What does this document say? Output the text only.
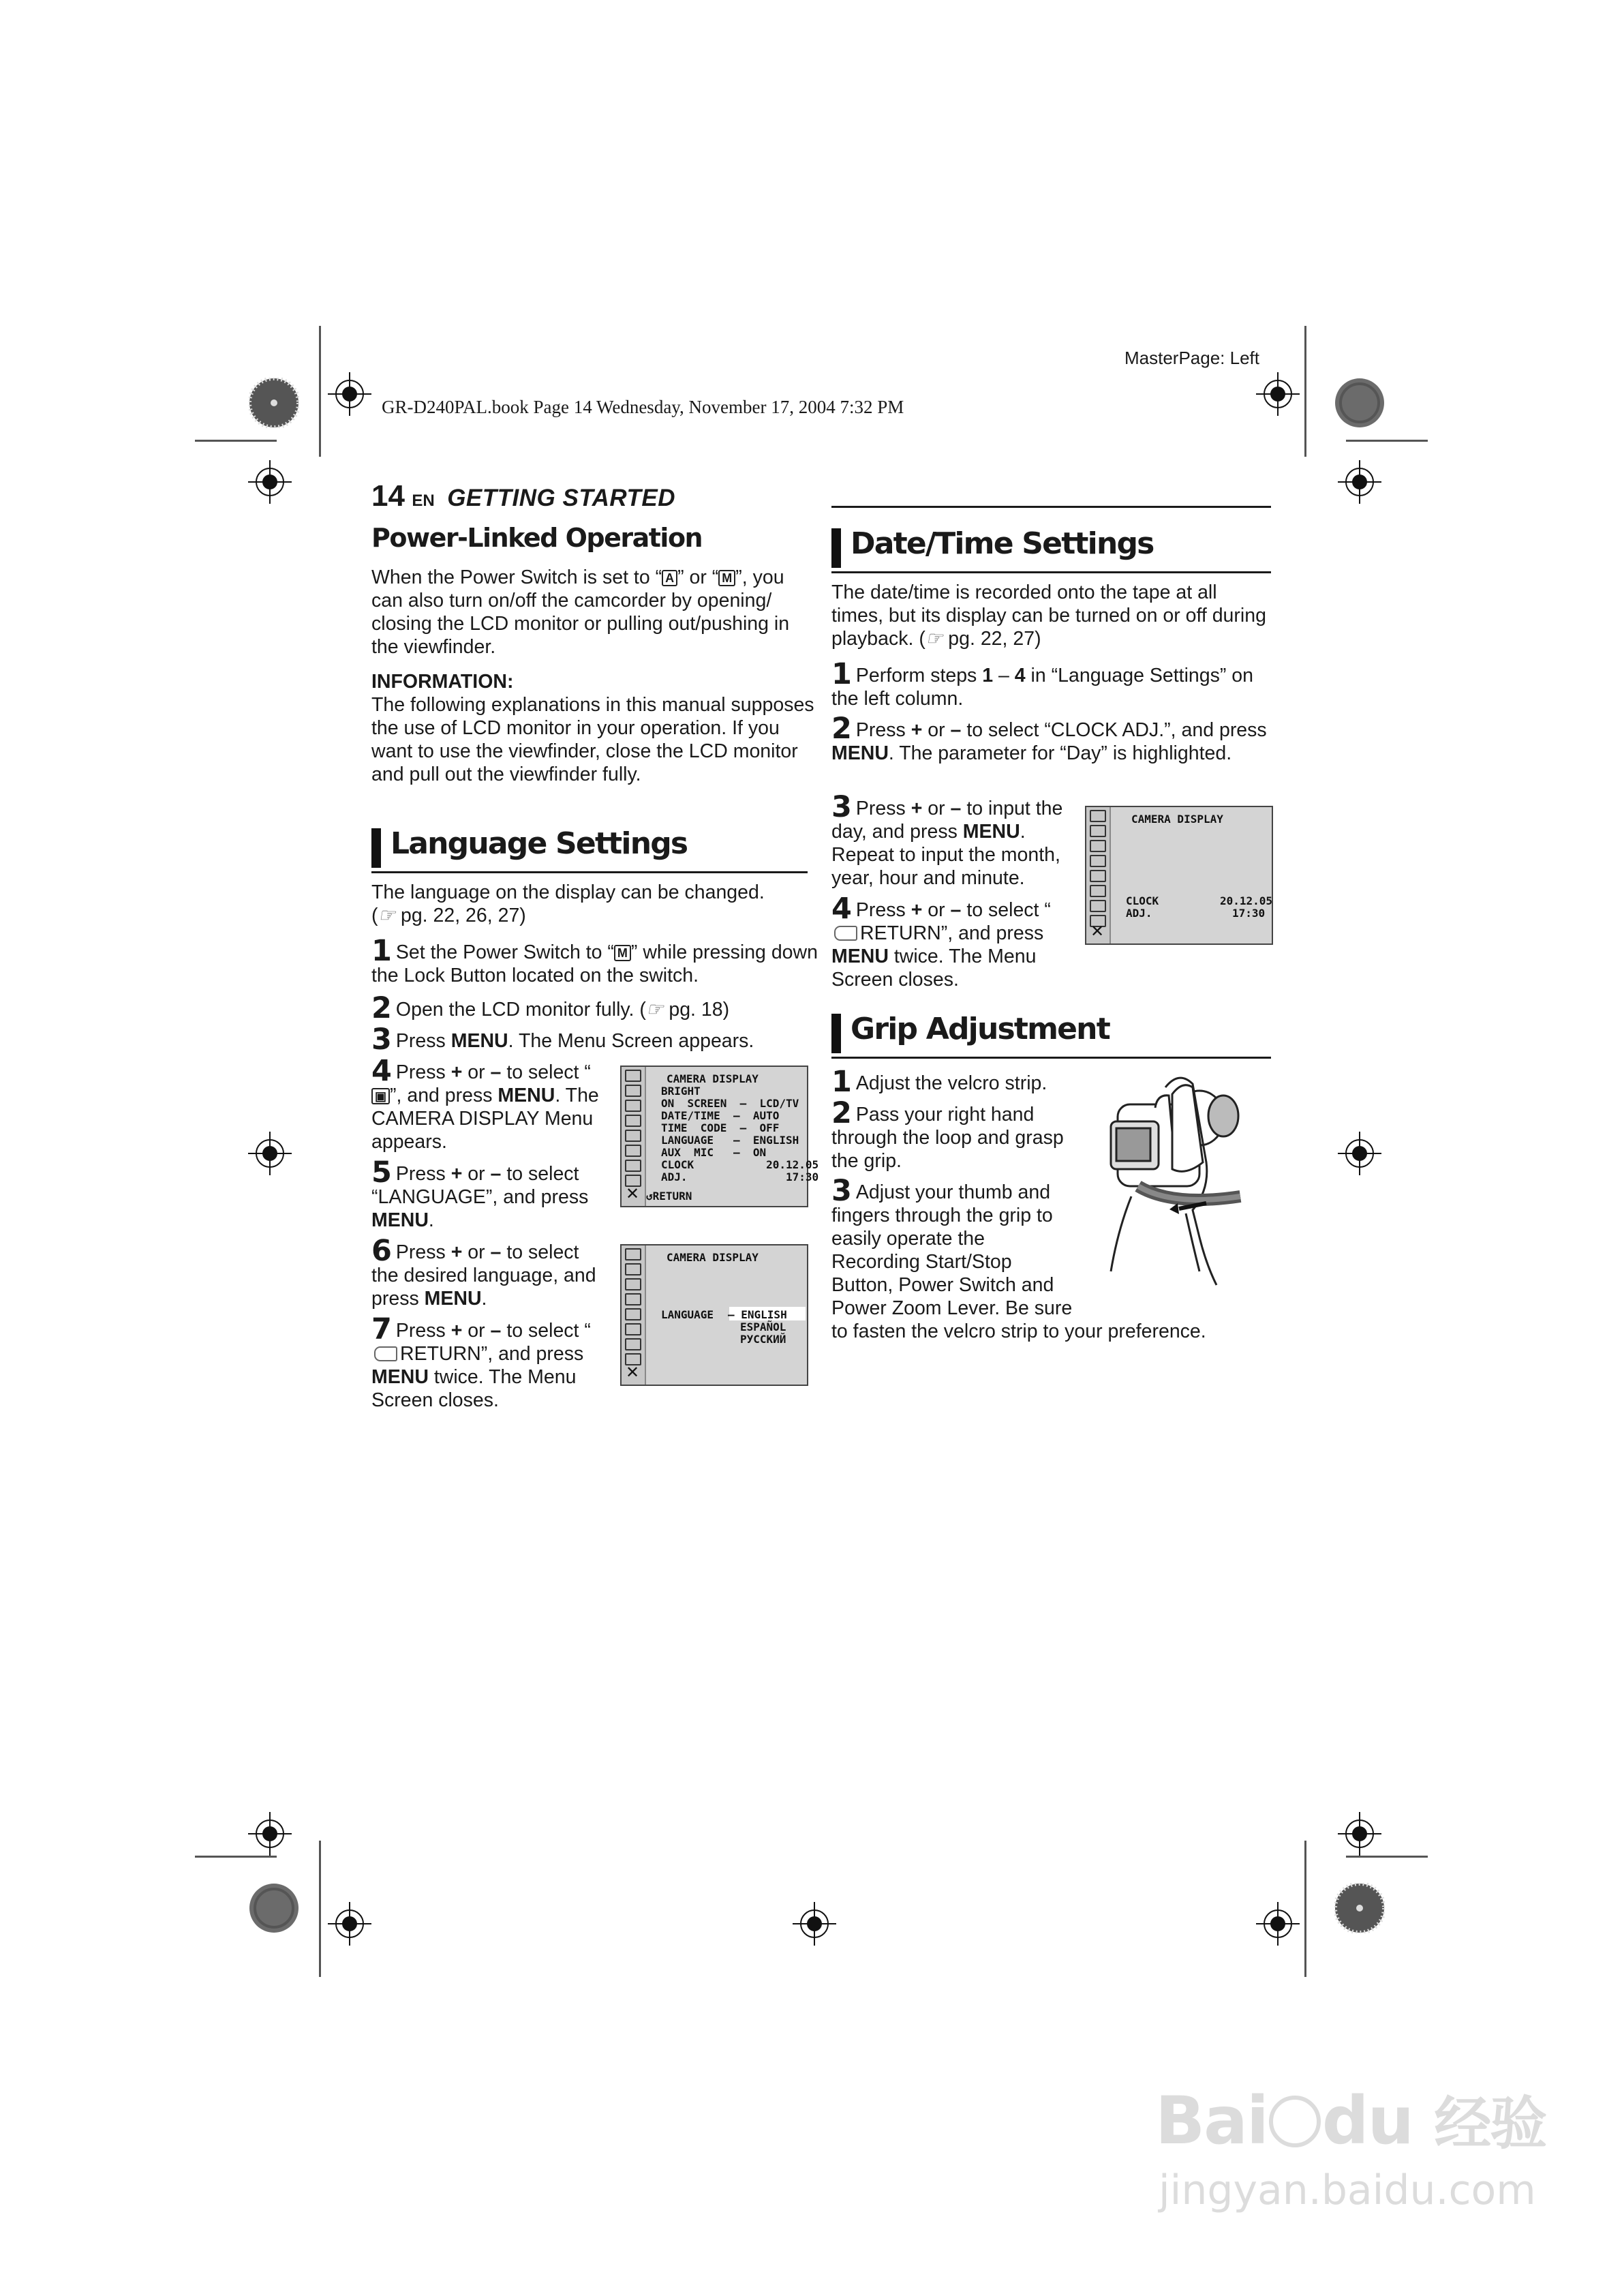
MasterPage: Left
GR-D240PAL.book Page 14 Wednesday, November 17, 2004 7:32 PM
14 EN GETTING STARTED
Power-Linked Operation
When the Power Switch is set to “ A ” or “ M ”, you can also turn on/off the camcorder by opening/ closing the LCD monitor or pulling out/pushing in the viewfinder.

INFORMATION:

The following explanations in this manual supposes the use of LCD monitor in your operation. If you want to use the viewfinder, close the LCD monitor and pull out the viewfinder fully.

Language Settings
The language on the display can be changed.
(☞ pg. 22, 26, 27)
1 Set the Power Switch to “ M ” while pressing down the Lock Button located on the switch.
2 Open the LCD monitor fully. (☞ pg. 18)
3 Press MENU. The Menu Screen appears.
4 Press + or – to select “▣ ”, and press MENU. The CAMERA DISPLAY Menu appears.
5 Press + or – to select “LANGUAGE”, and press MENU.
6 Press + or – to select the desired language, and press MENU.
7 Press + or – to select “RETURN”, and press MENU twice. The Menu Screen closes.
CAMERA DISPLAY
BRIGHT
ON  SCREEN  –  LCD/TV
DATE/TIME  –  AUTO
TIME  CODE  –  OFF
LANGUAGE   –  ENGLISH
AUX  MIC   –  ON
CLOCK           20.12.05
ADJ.               17:30
✕ ↺RETURN
CAMERA DISPLAY
LANGUAGE – ENGLISH
ESPAÑOL
РУССКИЙ
✕
Date/Time Settings
The date/time is recorded onto the tape at all times, but its display can be turned on or off during playback. (☞ pg. 22, 27)
1 Perform steps 1 – 4 in “Language Settings” on the left column.
2 Press + or – to select “CLOCK ADJ.”, and press MENU. The parameter for “Day” is highlighted.
3 Press + or – to input the day, and press MENU. Repeat to input the month, year, hour and minute.
4 Press + or – to select “RETURN”, and press MENU twice. The Menu Screen closes.
CAMERA DISPLAY
CLOCK
ADJ.
20.12.05
17:30
✕
Grip Adjustment
1 Adjust the velcro strip.
2 Pass your right hand through the loop and grasp the grip.
3 Adjust your thumb and fingers through the grip to easily operate the Recording Start/Stop Button, Power Switch and Power Zoom Lever. Be sure to fasten the velcro strip to your preference.
Bai du 经验
jingyan.baidu.com
